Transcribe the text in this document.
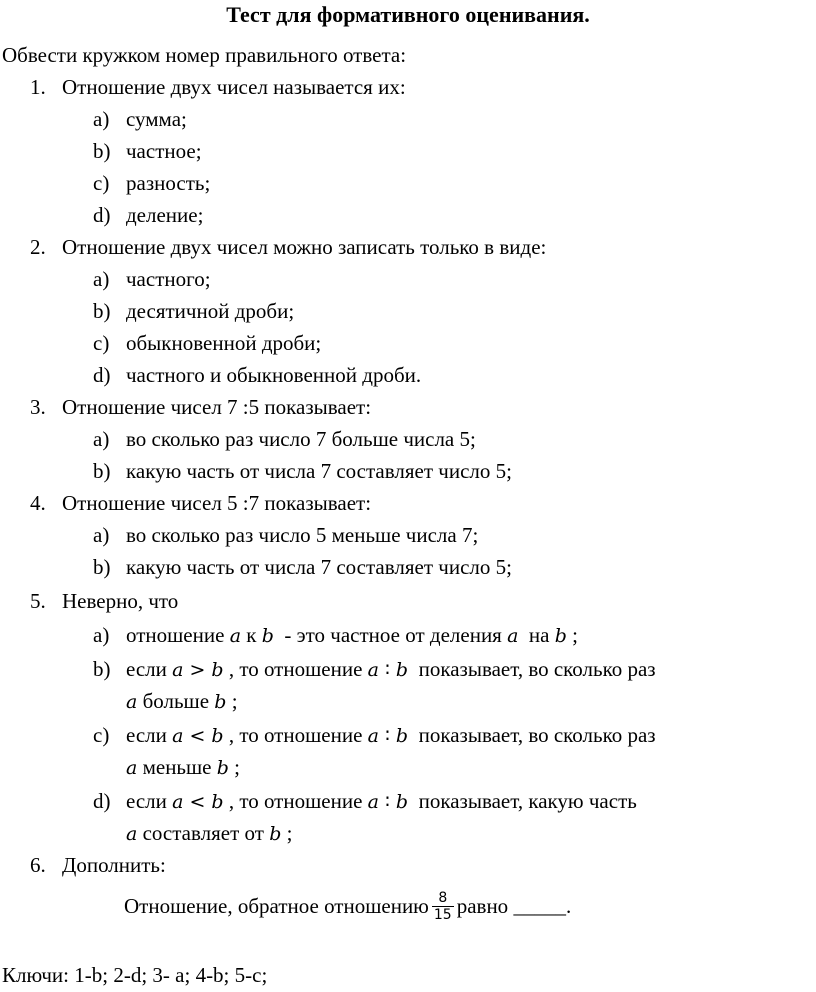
Тест для формативного оценивания.
Обвести кружком номер правильного ответа:
1. Отношение двух чисел называется их:
a) сумма;
b) частное;
c) разность;
d) деление;
2. Отношение двух чисел можно записать только в виде:
a) частного;
b) десятичной дроби;
c) обыкновенной дроби;
d) частного и обыкновенной дроби.
3. Отношение чисел 7 :5 показывает:
a) во сколько раз число 7 больше числа 5;
b) какую часть от числа 7 составляет число 5;
4. Отношение чисел 5 :7 показывает:
a) во сколько раз число 5 меньше числа 7;
b) какую часть от числа 7 составляет число 5;
5. Неверно, что
a) отношение a к b - это частное от деления a на b ;
b) если a > b , то отношение a ∶ b показывает, во сколько раз
a больше b ;
c) если a < b , то отношение a ∶ b показывает, во сколько раз
a меньше b ;
d) если a < b , то отношение a ∶ b показывает, какую часть
a составляет от b ;
6. Дополнить:
Отношение, обратное отношению $\frac{8}{15}$ равно _____.
Ключи: 1-b; 2-d; 3- a; 4-b; 5-c;
